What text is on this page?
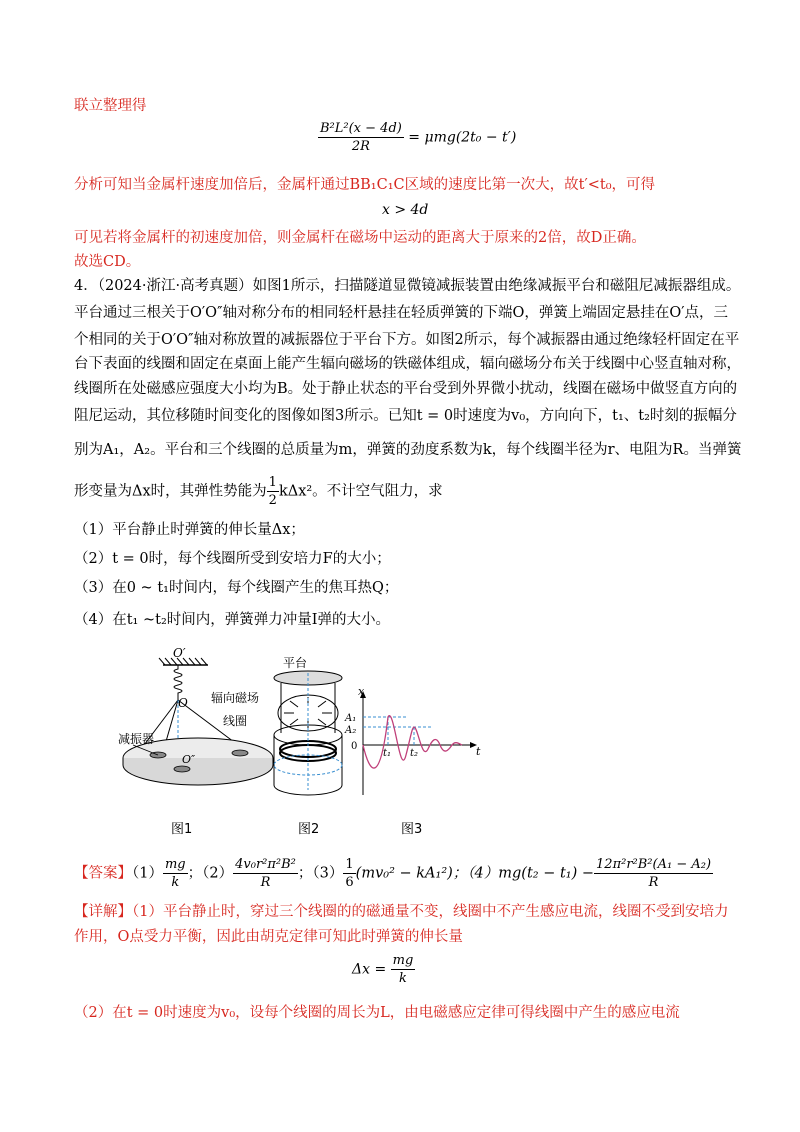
联立整理得
$\frac{\text{B²L²(x − 4d)}}{2R} = \mu mg(2t_0 - t')$
分析可知当金属杆速度加倍后，金属杆通过BB₁C₁C区域的速度比第一次大，故t′<t₀，可得
x > 4d
可见若将金属杆的初速度加倍，则金属杆在磁场中运动的距离大于原来的2倍，故D正确。
故选CD。
4．（2024·浙江·高考真题）如图1所示，扫描隧道显微镜减振装置由绝缘减振平台和磁阻尼减振器组成。
平台通过三根关于O′O″轴对称分布的相同轻杆悬挂在轻质弹簧的下端O，弹簧上端固定悬挂在O′点，三
个相同的关于O′O″轴对称放置的减振器位于平台下方。如图2所示，每个减振器由通过绝缘轻杆固定在平
台下表面的线圈和固定在桌面上能产生辐向磁场的铁磁体组成，辐向磁场分布关于线圈中心竖直轴对称，
线圈所在处磁感应强度大小均为B。处于静止状态的平台受到外界微小扰动，线圈在磁场中做竖直方向的
阻尼运动，其位移随时间变化的图像如图3所示。已知t = 0时速度为v₀，方向向下，t₁、t₂时刻的振幅分
别为A₁，A₂。平台和三个线圈的总质量为m，弹簧的劲度系数为k，每个线圈半径为r、电阻为R。当弹簧
形变量为Δx时，其弹性势能为 $\frac{1}{2} k\Delta x^2$。不计空气阻力，求
（1）平台静止时弹簧的伸长量Δx；
（2）t = 0时，每个线圈所受到安培力F的大小；
（3）在0 ~ t₁时间内，每个线圈产生的焦耳热Q；
（4）在t₁ ~t₂时间内，弹簧弹力冲量I弹的大小。
O′
O
O″
减振器
图1
平台
辐向磁场
线圈
图2
x
t
A₁
A₂
0
t₁ t₂
图3
【答案】$(1) \frac{mg}{k}$ ；$(2) \frac{\text{4v₀r²π²B²}}{R}$ ；$(3) \frac{1}{6} (mv_0^2 - kA_1^2)$；$(4)mg(t_2 - t_1) - \frac{\text{12π²r²B²(A₁ − A₂)}}{R}$
【详解】（1）平台静止时，穿过三个线圈的的磁通量不变，线圈中不产生感应电流，线圈不受到安培力
作用，O点受力平衡，因此由胡克定律可知此时弹簧的伸长量
$\Delta x = \frac{mg}{k}$
（2）在t = 0时速度为v₀，设每个线圈的周长为L，由电磁感应定律可得线圈中产生的感应电流
